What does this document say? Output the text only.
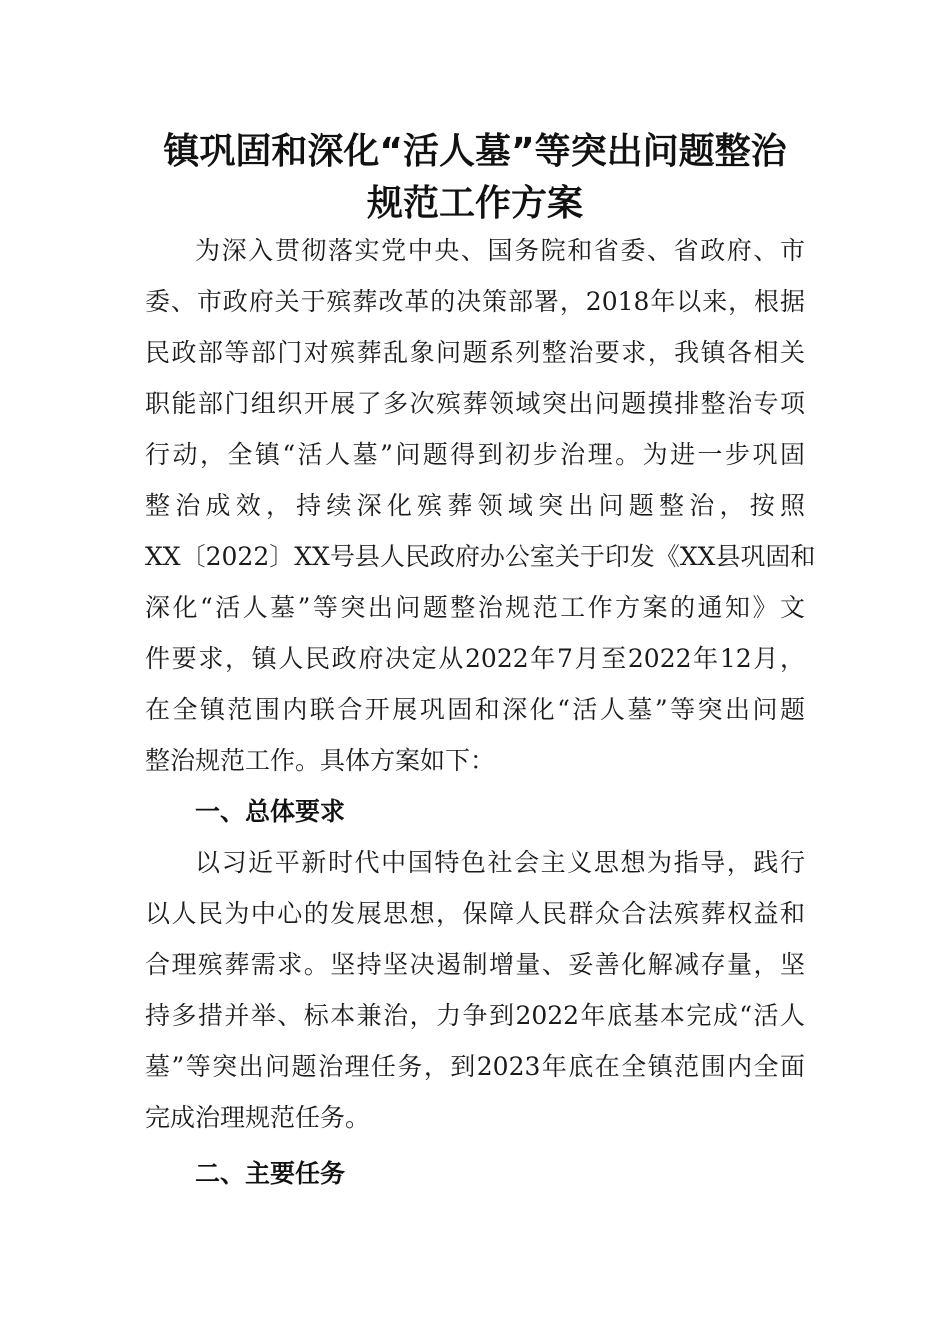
镇巩固和深化“活人墓”等突出问题整治
规范工作方案
为深入贯彻落实党中央、国务院和省委、省政府、市
委、市政府关于殡葬改革的决策部署，2018年以来，根据
民政部等部门对殡葬乱象问题系列整治要求，我镇各相关
职能部门组织开展了多次殡葬领域突出问题摸排整治专项
行动，全镇“活人墓”问题得到初步治理。为进一步巩固
整治成效，持续深化殡葬领域突出问题整治，按照
XX〔2022〕XX号县人民政府办公室关于印发《XX县巩固和
深化“活人墓”等突出问题整治规范工作方案的通知》文
件要求，镇人民政府决定从2022年7月至2022年12月，
在全镇范围内联合开展巩固和深化“活人墓”等突出问题
整治规范工作。具体方案如下：
一、总体要求
以习近平新时代中国特色社会主义思想为指导，践行
以人民为中心的发展思想，保障人民群众合法殡葬权益和
合理殡葬需求。坚持坚决遏制增量、妥善化解减存量，坚
持多措并举、标本兼治，力争到2022年底基本完成“活人
墓”等突出问题治理任务，到2023年底在全镇范围内全面
完成治理规范任务。
二、主要任务
